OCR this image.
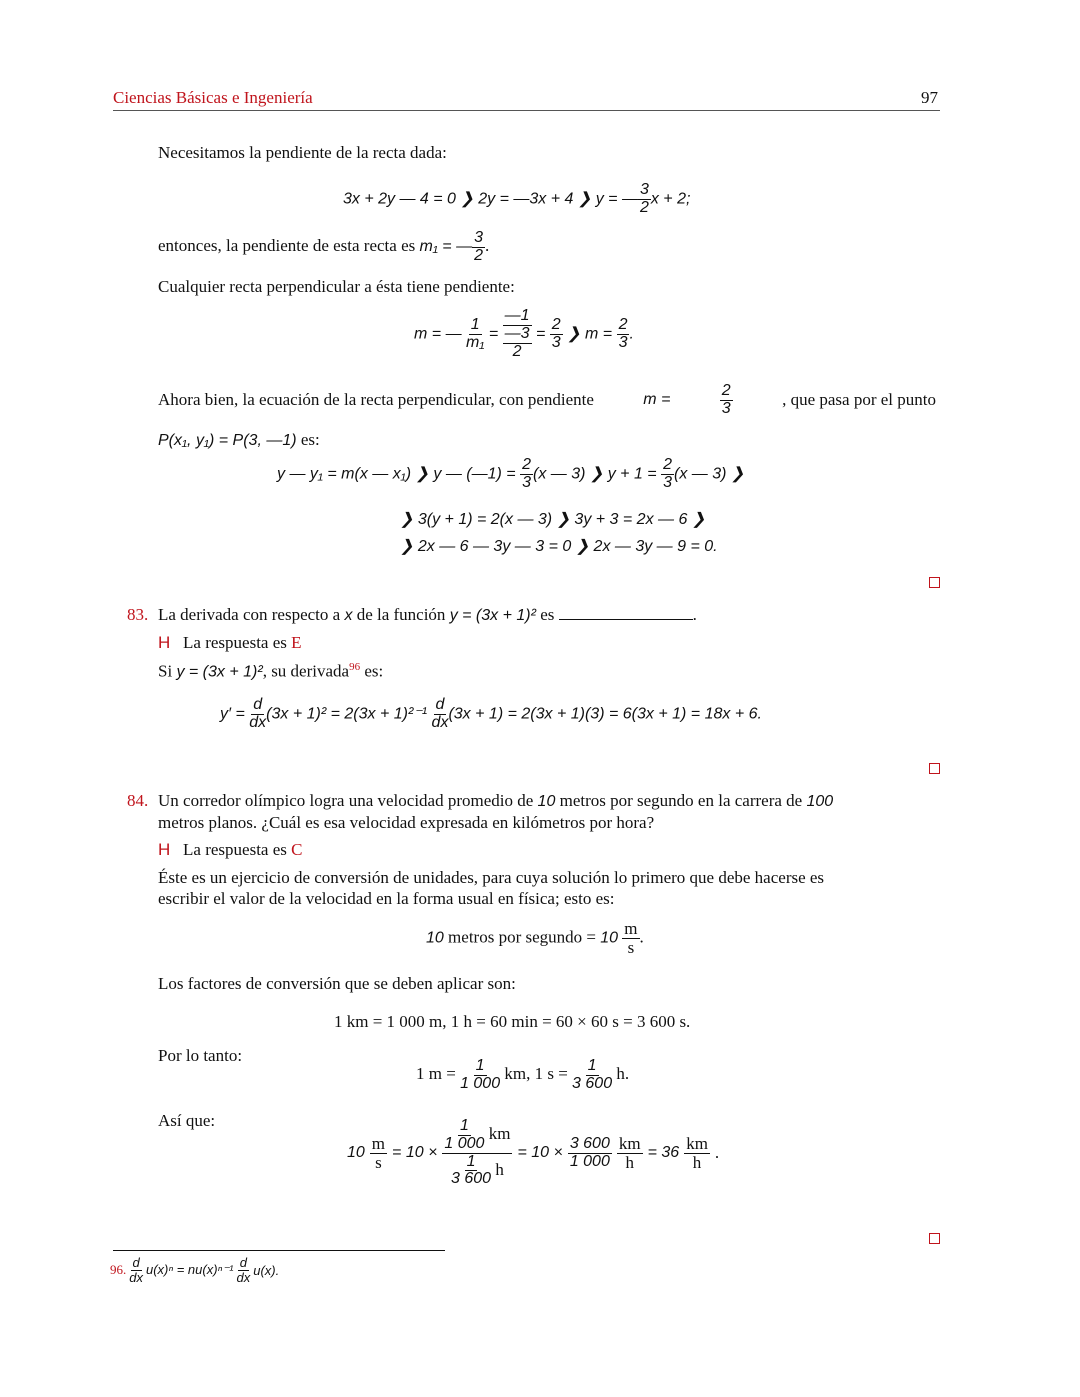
Ciencias Básicas e Ingeniería	97
Necesitamos la pendiente de la recta dada:
3x + 2y — 4 = 0 ❯ 2y = —3x + 4 ❯ y = — $\frac{3}{2}$ x + 2;
entonces, la pendiente de esta recta es m₁ = — $\frac{3}{2}$ .
Cualquier recta perpendicular a ésta tiene pendiente:
m = — $\frac{1}{\text{m₁}}$ =
—1
—3
2
= $\frac{2}{3}$ ❯ $m = \frac{2}{3}$ .
Ahora bien, la ecuación de la recta perpendicular, con pendiente	m =	$\frac{2}{3}$	, que pasa por el punto
P(x₁, y₁) = P(3, —1) es:
y — y₁ = m(x — x₁) ❯ y — (—1) = $\frac{2}{3} (x$ — 3) ❯ $y + 1 = \frac{2}{3} (x$ — 3) ❯
❯ 3(y + 1) = 2(x — 3) ❯ 3y + 3 = 2x — 6 ❯
❯ 2x — 6 — 3y — 3 = 0 ❯ 2x — 3y — 9 = 0.
83. La derivada con respecto a x de la función y = (3x + 1)² es	.
H La respuesta es E
Si y = (3x + 1)², su derivada$^{96}$ es:
$y' = \frac{d}{dx} (3x + 1)^2 = 2(3x + 1)^{2-1} \frac{d}{dx} (3x + 1) = 2(3x + 1)(3) = 6(3x + 1) = 18x + 6$.
84. Un corredor olímpico logra una velocidad promedio de 10 metros por segundo en la carrera de 100
metros planos. ¿Cuál es esa velocidad expresada en kilómetros por hora?
H La respuesta es C
Éste es un ejercicio de conversión de unidades, para cuya solución lo primero que debe hacerse es
escribir el valor de la velocidad en la forma usual en física; esto es:
10 metros por segundo = $10 \frac{m}{s}$ .
Los factores de conversión que se deben aplicar son:
1 km = 1 000 m, 1 h = 60 min = 60 × 60 s = 3 600 s.
Por lo tanto:
1 $m = \frac{1}{1 000}$ km, 1 $s = \frac{1}{3 600} h$.
Así que:
$10 \frac{m}{s} = 10 \times \frac{\frac{1}{1 000} km}{\frac{1}{3 600} h} = 10 \times \frac{3 600}{1 000} \frac{km}{h} = 36 \frac{km}{h}$ .
96. $\frac{d}{dx} u(x)^n = nu(x)^{n-1} \frac{d}{dx} u(x)$.
